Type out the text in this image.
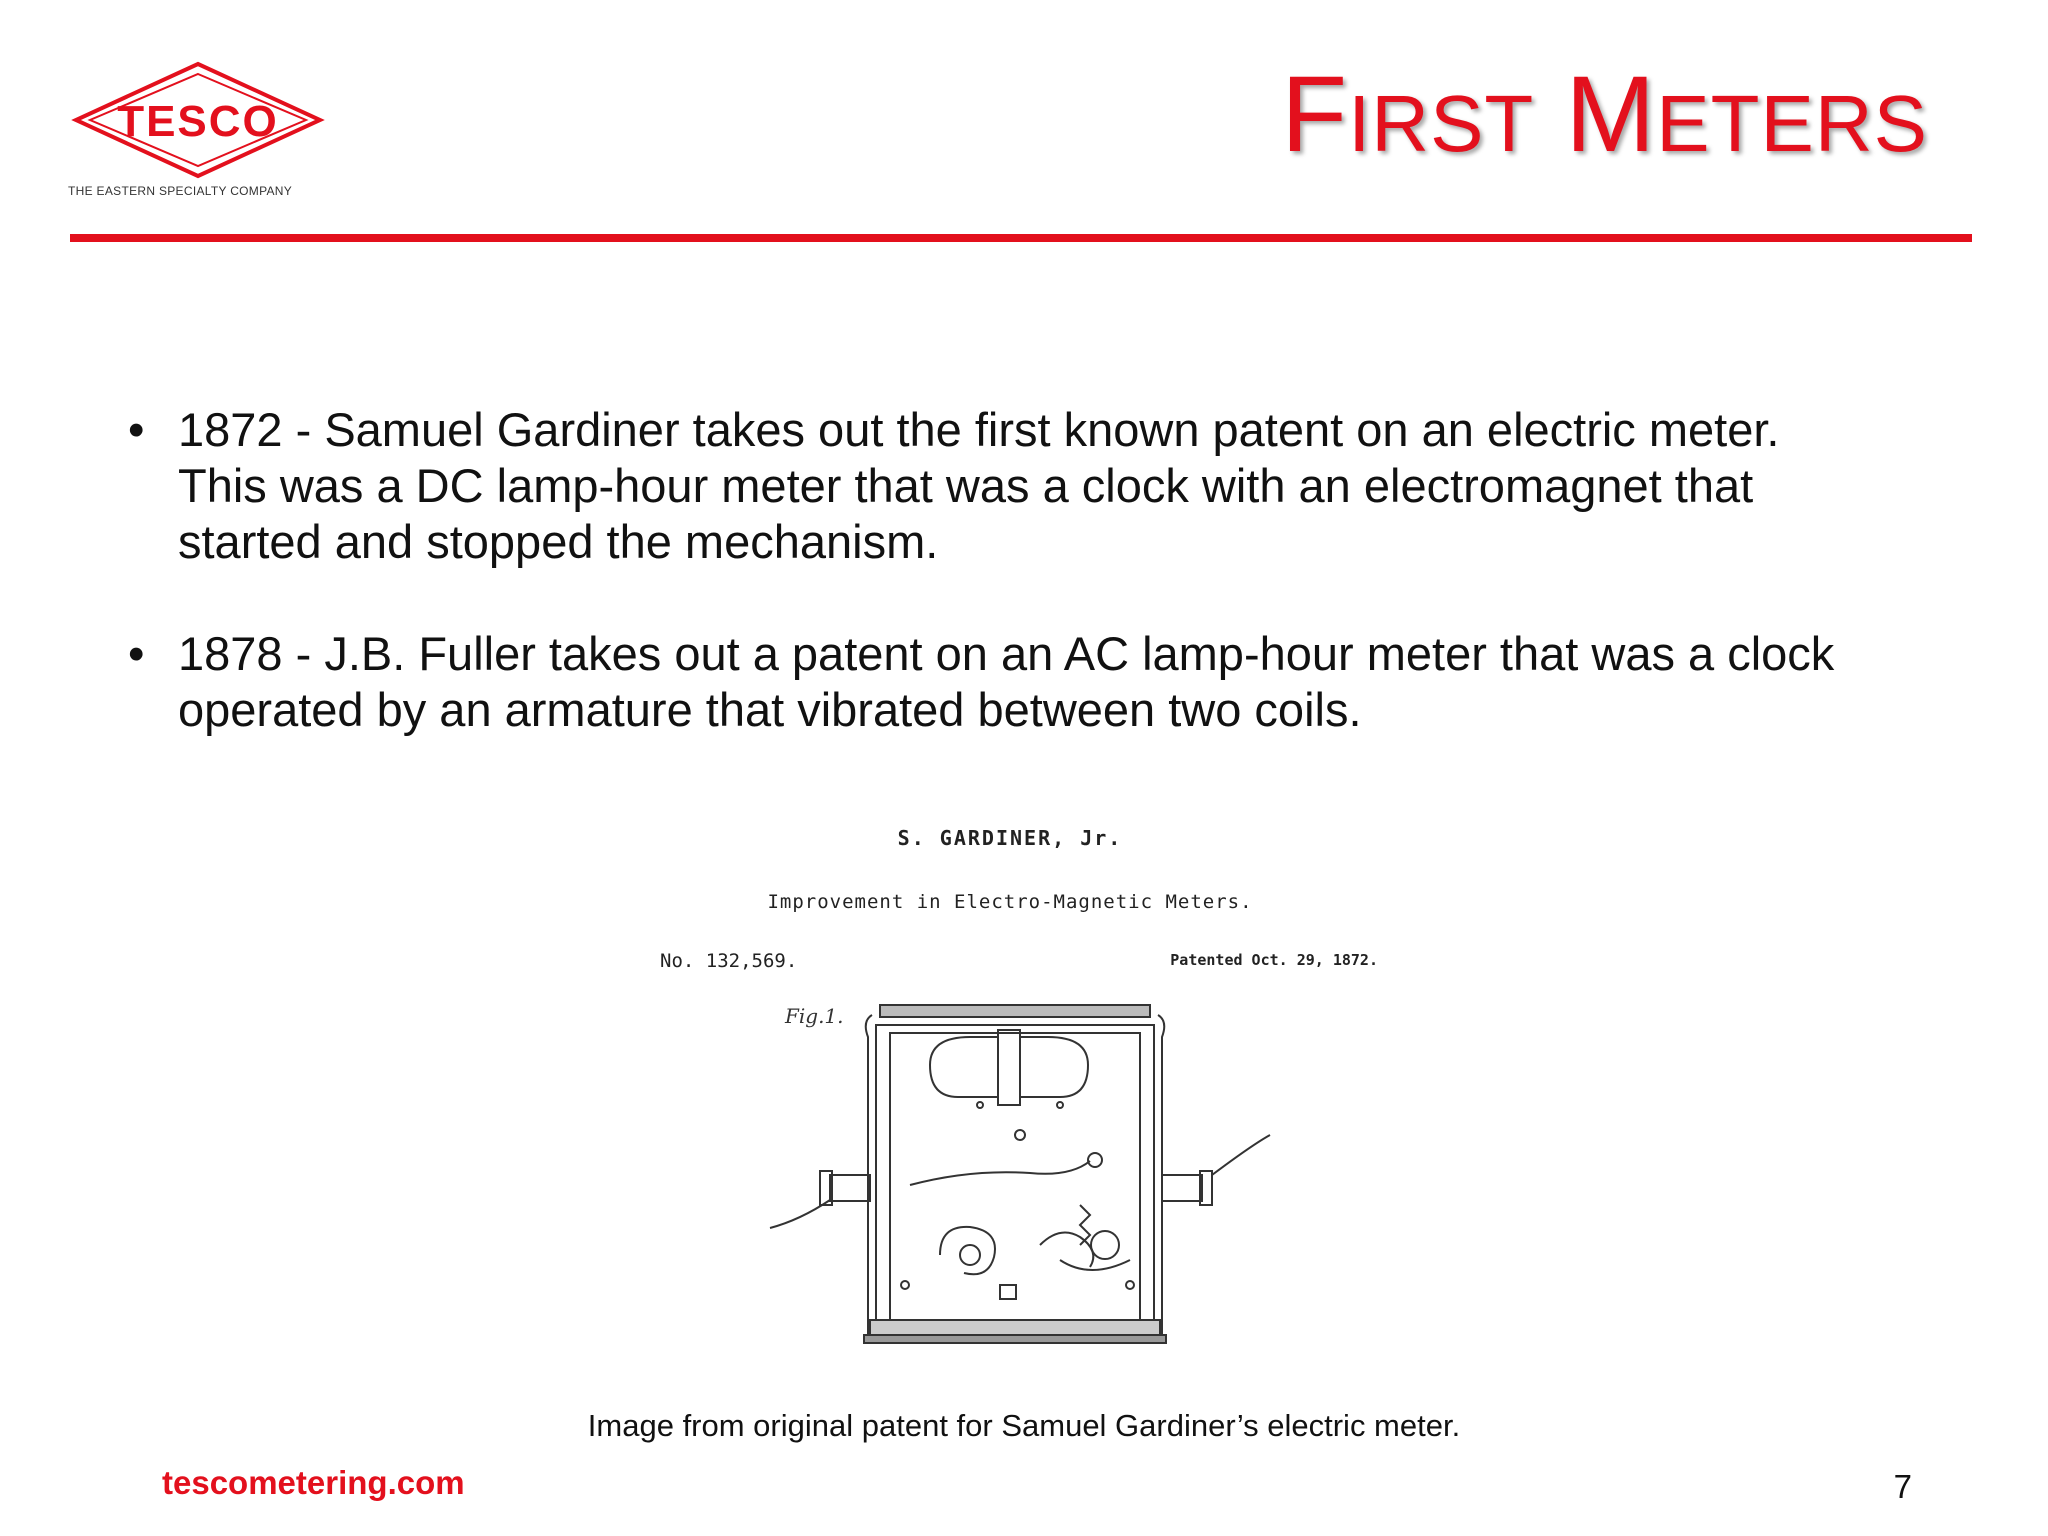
TESCO
THE EASTERN SPECIALTY COMPANY
FIRST METERS
• 1872 - Samuel Gardiner takes out the first known patent on an electric meter. This was a DC lamp-hour meter that was a clock with an electromagnet that started and stopped the mechanism.
• 1878 - J.B. Fuller takes out a patent on an AC lamp-hour meter that was a clock operated by an armature that vibrated between two coils.
S. GARDINER, Jr.
Improvement in Electro-Magnetic Meters.
No. 132,569.	Patented Oct. 29, 1872.
Fig.1.
Image from original patent for Samuel Gardiner’s electric meter.
tescometering.com	7
